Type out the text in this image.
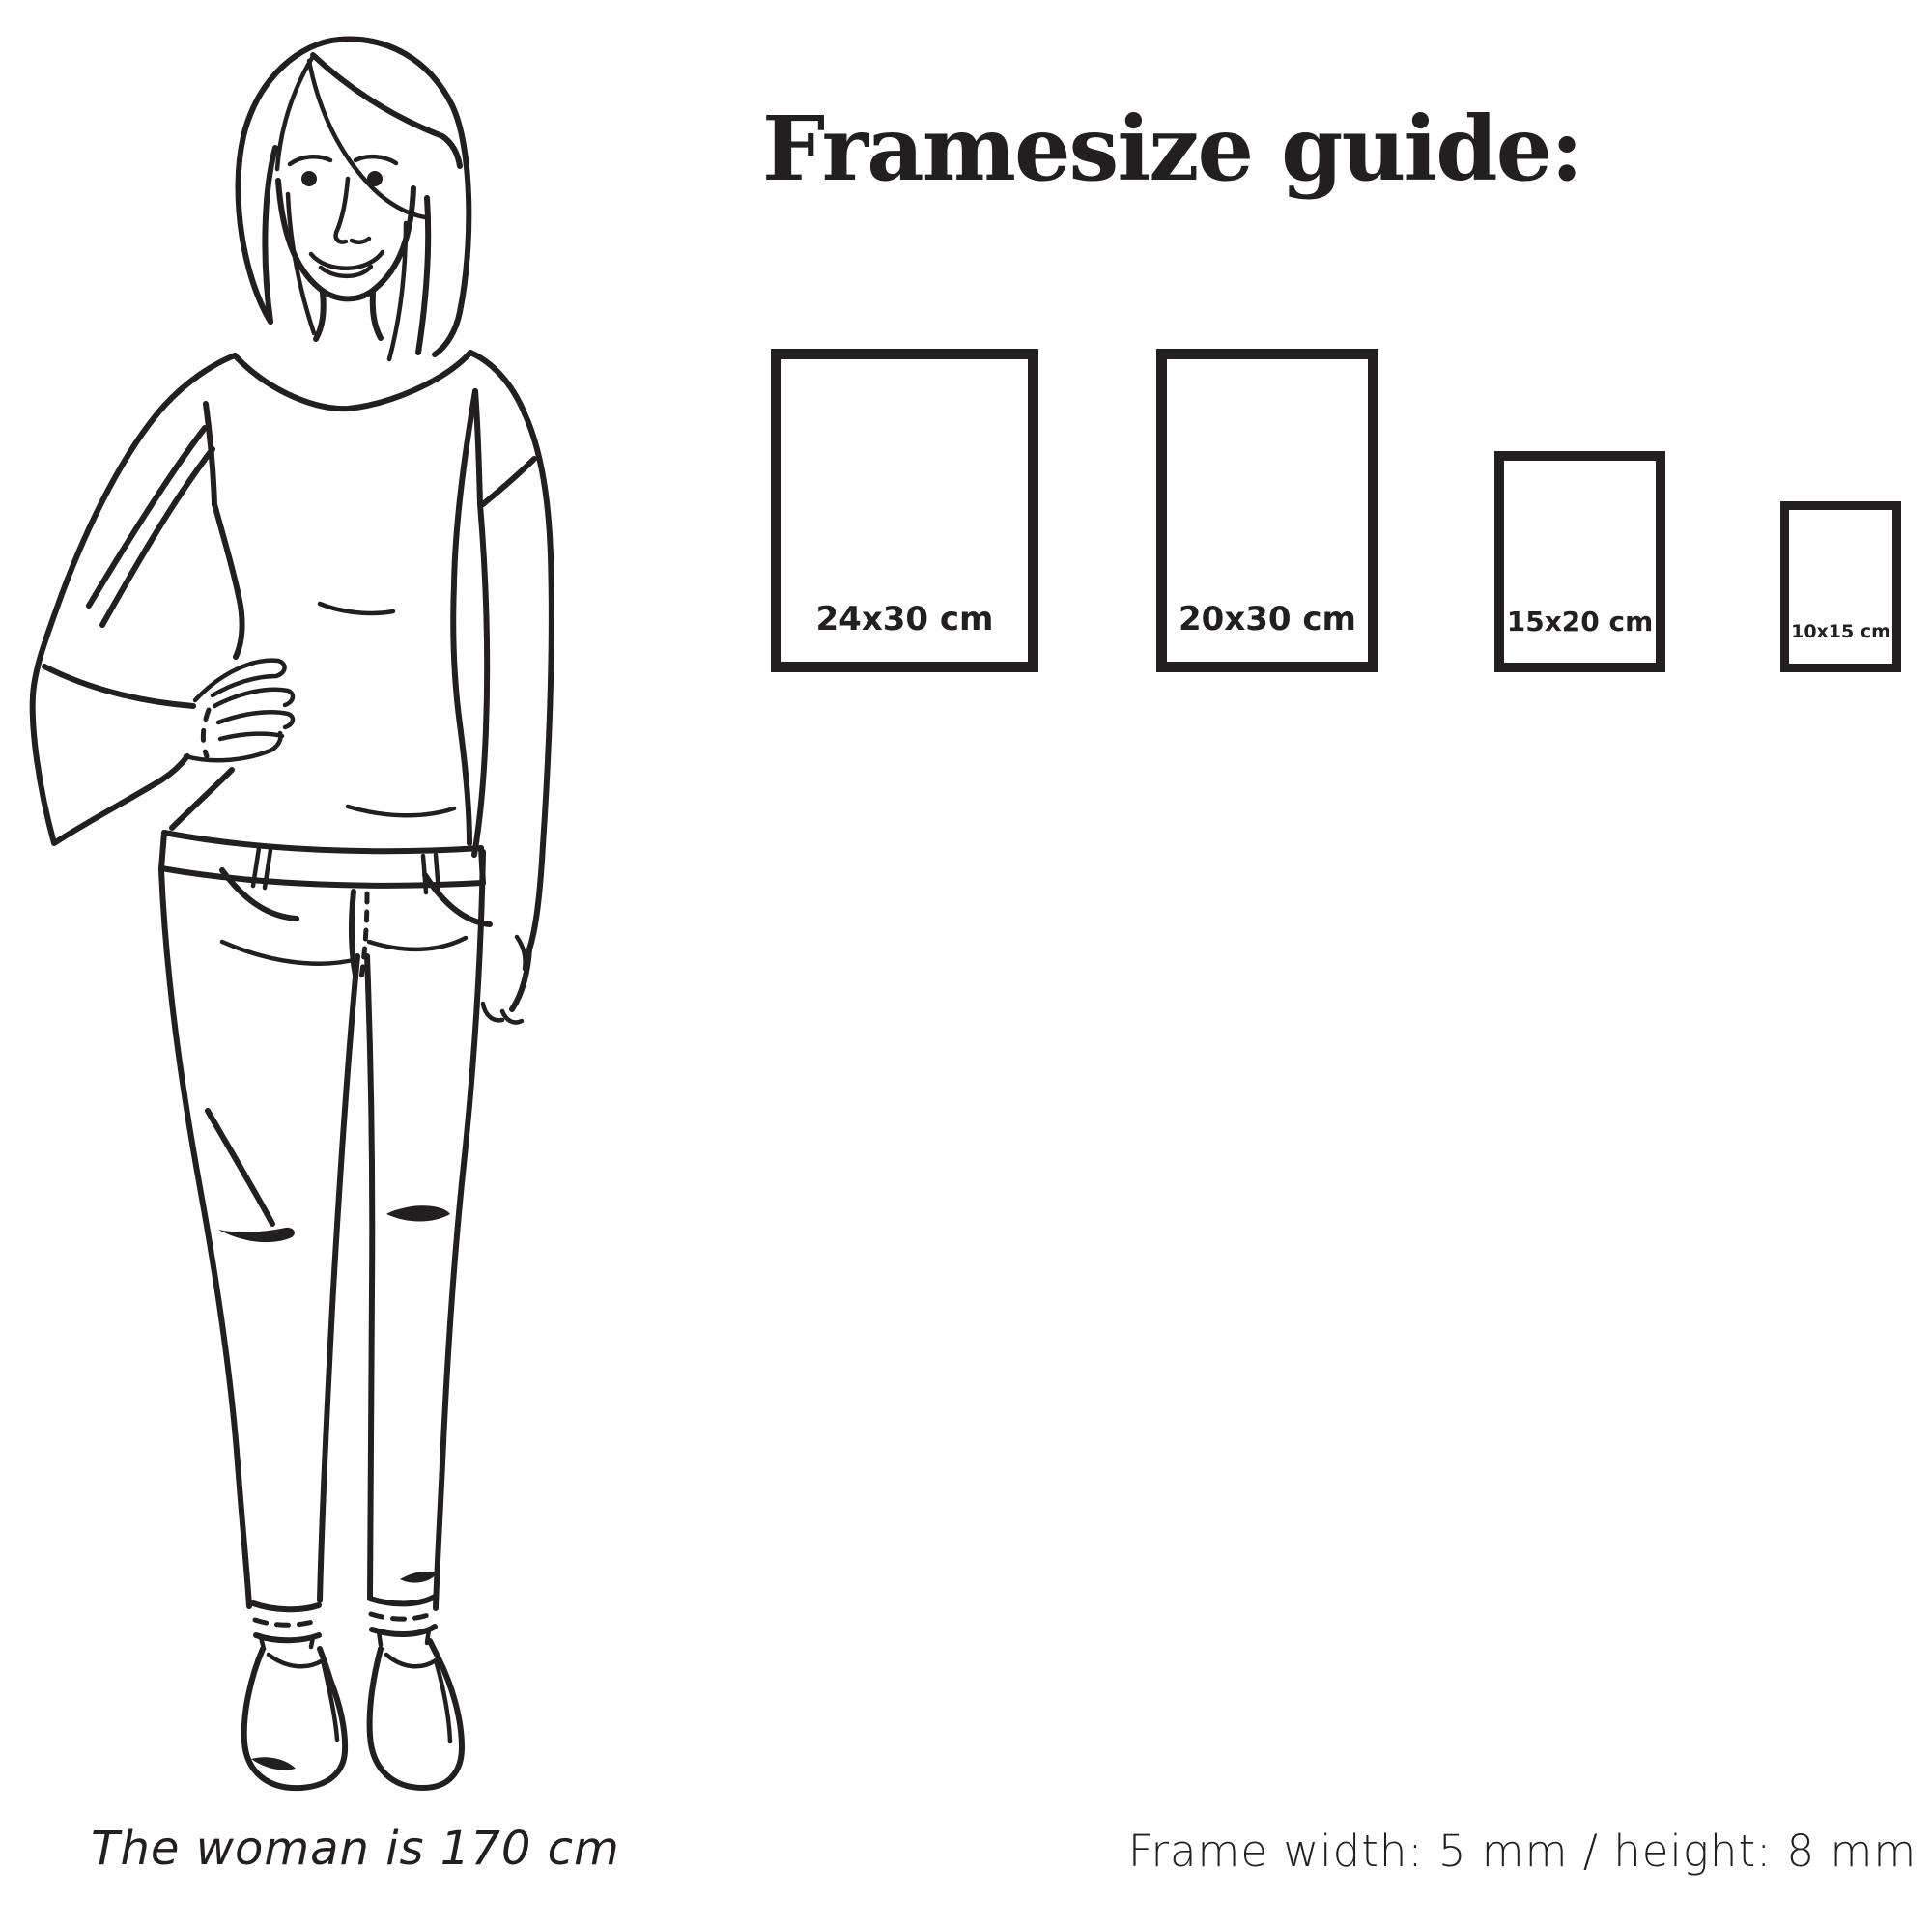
Framesize guide:
24x30 cm	20x30 cm	15x20 cm	10x15 cm
The woman is 170 cm	Frame width: 5 mm / height: 8 mm
